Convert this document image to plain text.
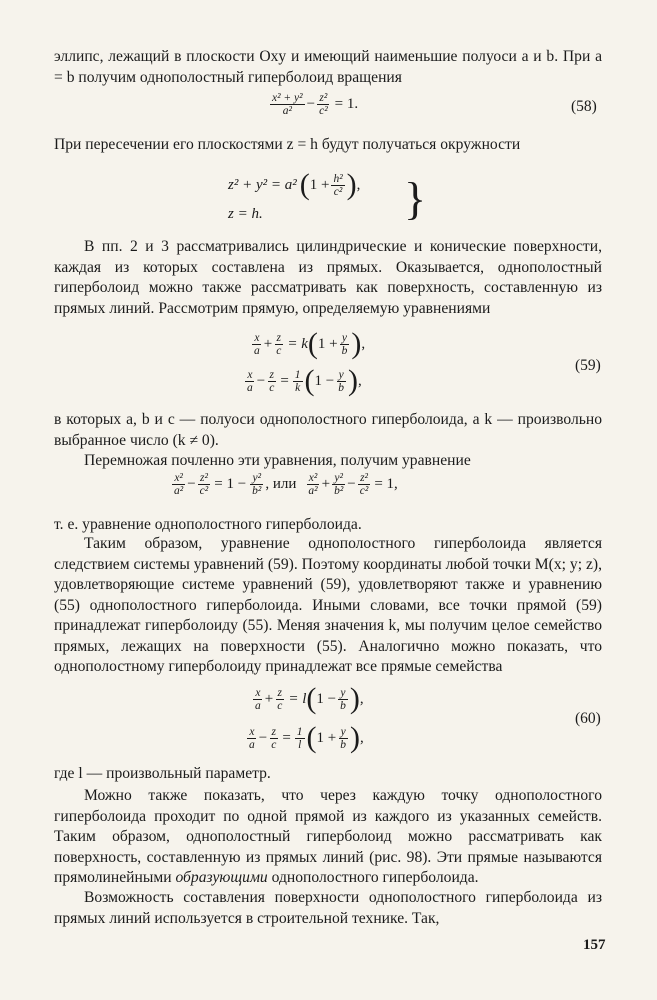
эллипс, лежащий в плоскости Oxy и имеющий наименьшие полуоси a и b. При a = b получим однополостный гиперболоид вращения

$\frac{\text{x² + y²}}{\text{a²}} - \frac{\text{z²}}{\text{c²}} = 1$.	(58)

При пересечении его плоскостями z = h будут получаться окружности

z² + y² = a² ( $1 + \frac{\text{h²}}{\text{c²}}$ ) ,
z = h.	}

В пп. 2 и 3 рассматривались цилиндрические и конические поверхности, каждая из которых составлена из прямых. Оказывается, однополостный гиперболоид можно также рассматривать как поверхность, составленную из прямых линий. Рассмотрим прямую, определяемую уравнениями

$\frac{x}{a} + \frac{z}{c} = k$ ( $1 + \frac{y}{b}$ ) ,
$\frac{x}{a} - \frac{z}{c} = \frac{1}{k}$ ( $1 - \frac{y}{b}$ ) ,
(59)

в которых a, b и c — полуоси однополостного гиперболоида, а k — произвольно выбранное число (k ≠ 0).

Перемножая почленно эти уравнения, получим уравнение

$\frac{\text{x²}}{\text{a²}} - \frac{\text{z²}}{\text{c²}} = 1 - \frac{\text{y²}}{\text{b²}}$ , или $\frac{\text{x²}}{\text{a²}} + \frac{\text{y²}}{\text{b²}} - \frac{\text{z²}}{\text{c²}} = 1$,

т. е. уравнение однополостного гиперболоида.

Таким образом, уравнение однополостного гиперболоида является следствием системы уравнений (59). Поэтому координаты любой точки M(x; y; z), удовлетворяющие системе уравнений (59), удовлетворяют также и уравнению (55) однополостного гиперболоида. Иными словами, все точки прямой (59) принадлежат гиперболоиду (55). Меняя значения k, мы получим целое семейство прямых, лежащих на поверхности (55). Аналогично можно показать, что однополостному гиперболоиду принадлежат все прямые семейства

$\frac{x}{a} + \frac{z}{c} = l$ ( $1 - \frac{y}{b}$ ) ,
$\frac{x}{a} - \frac{z}{c} = \frac{1}{l}$ ( $1 + \frac{y}{b}$ ) ,
(60)

где l — произвольный параметр.

Можно также показать, что через каждую точку однополостного гиперболоида проходит по одной прямой из каждого из указанных семейств. Таким образом, однополостный гиперболоид можно рассматривать как поверхность, составленную из прямых линий (рис. 98). Эти прямые называются прямолинейными образующими однополостного гиперболоида.

Возможность составления поверхности однополостного гиперболоида из прямых линий используется в строительной технике. Так,

157
